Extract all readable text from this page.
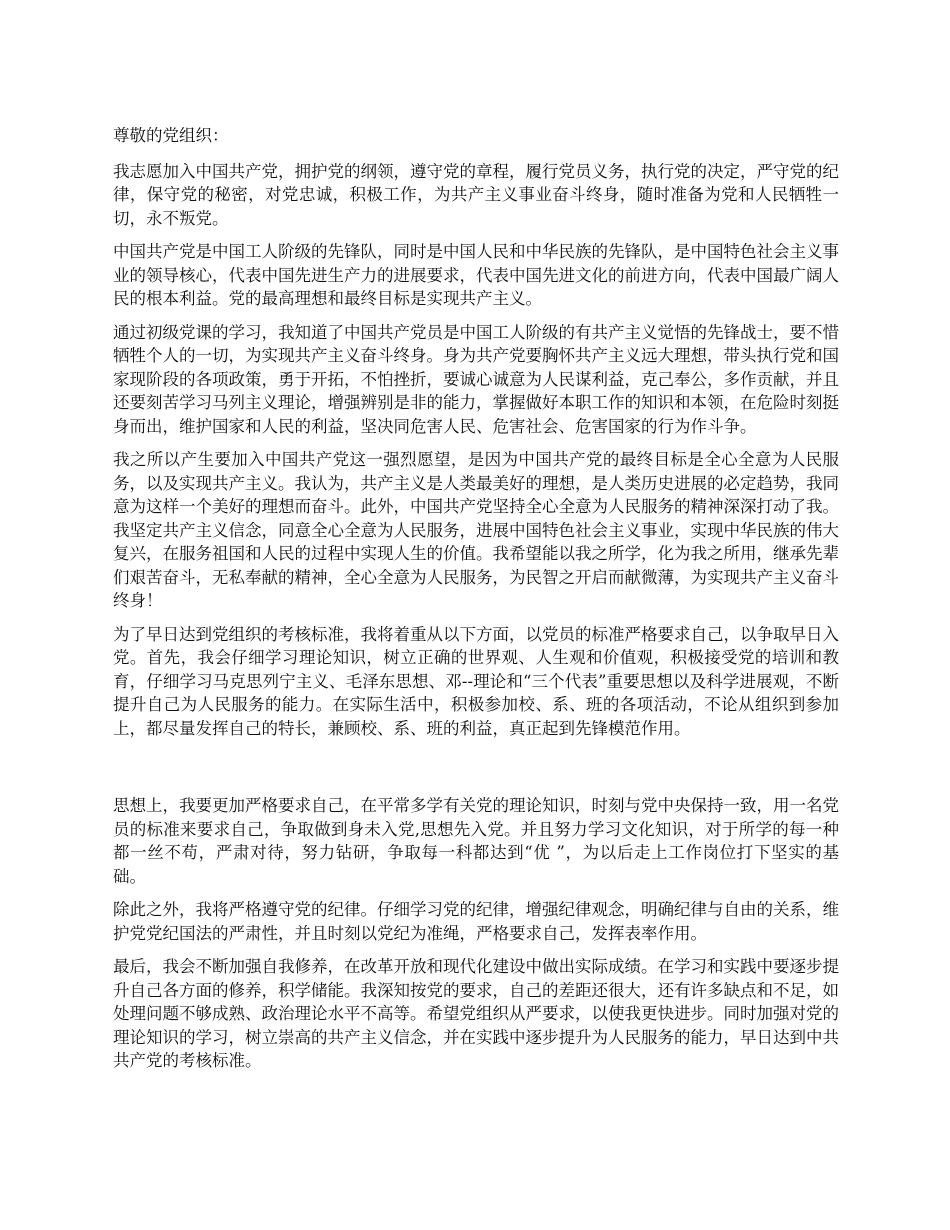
尊敬的党组织：

我志愿加入中国共产党，拥护党的纲领，遵守党的章程，履行党员义务，执行党的决定，严守党的纪律，保守党的秘密，对党忠诚，积极工作，为共产主义事业奋斗终身，随时准备为党和人民牺牲一切，永不叛党。

中国共产党是中国工人阶级的先锋队，同时是中国人民和中华民族的先锋队，是中国特色社会主义事业的领导核心，代表中国先进生产力的进展要求，代表中国先进文化的前进方向，代表中国最广阔人民的根本利益。党的最高理想和最终目标是实现共产主义。

通过初级党课的学习，我知道了中国共产党员是中国工人阶级的有共产主义觉悟的先锋战士，要不惜牺牲个人的一切，为实现共产主义奋斗终身。身为共产党要胸怀共产主义远大理想，带头执行党和国家现阶段的各项政策，勇于开拓，不怕挫折，要诚心诚意为人民谋利益，克己奉公，多作贡献，并且还要刻苦学习马列主义理论，增强辨别是非的能力，掌握做好本职工作的知识和本领，在危险时刻挺身而出，维护国家和人民的利益，坚决同危害人民、危害社会、危害国家的行为作斗争。

我之所以产生要加入中国共产党这一强烈愿望，是因为中国共产党的最终目标是全心全意为人民服务，以及实现共产主义。我认为，共产主义是人类最美好的理想，是人类历史进展的必定趋势，我同意为这样一个美好的理想而奋斗。此外，中国共产党坚持全心全意为人民服务的精神深深打动了我。我坚定共产主义信念，同意全心全意为人民服务，进展中国特色社会主义事业，实现中华民族的伟大复兴，在服务祖国和人民的过程中实现人生的价值。我希望能以我之所学，化为我之所用，继承先辈们艰苦奋斗，无私奉献的精神，全心全意为人民服务，为民智之开启而献微薄，为实现共产主义奋斗终身！

为了早日达到党组织的考核标准，我将着重从以下方面，以党员的标准严格要求自己，以争取早日入党。首先，我会仔细学习理论知识，树立正确的世界观、人生观和价值观，积极接受党的培训和教育，仔细学习马克思列宁主义、毛泽东思想、邓--理论和“三个代表”重要思想以及科学进展观，不断提升自己为人民服务的能力。在实际生活中，积极参加校、系、班的各项活动，不论从组织到参加上，都尽量发挥自己的特长，兼顾校、系、班的利益，真正起到先锋模范作用。

思想上，我要更加严格要求自己，在平常多学有关党的理论知识，时刻与党中央保持一致，用一名党员的标准来要求自己，争取做到身未入党,思想先入党。并且努力学习文化知识，对于所学的每一种都一丝不苟，严肃对待，努力钻研，争取每一科都达到“优 ”，为以后走上工作岗位打下坚实的基础。

除此之外，我将严格遵守党的纪律。仔细学习党的纪律，增强纪律观念，明确纪律与自由的关系，维护党党纪国法的严肃性，并且时刻以党纪为准绳，严格要求自己，发挥表率作用。

最后，我会不断加强自我修养，在改革开放和现代化建设中做出实际成绩。在学习和实践中要逐步提升自己各方面的修养，积学储能。我深知按党的要求，自己的差距还很大，还有许多缺点和不足，如处理问题不够成熟、政治理论水平不高等。希望党组织从严要求，以使我更快进步。同时加强对党的理论知识的学习，树立崇高的共产主义信念，并在实践中逐步提升为人民服务的能力，早日达到中共共产党的考核标准。
